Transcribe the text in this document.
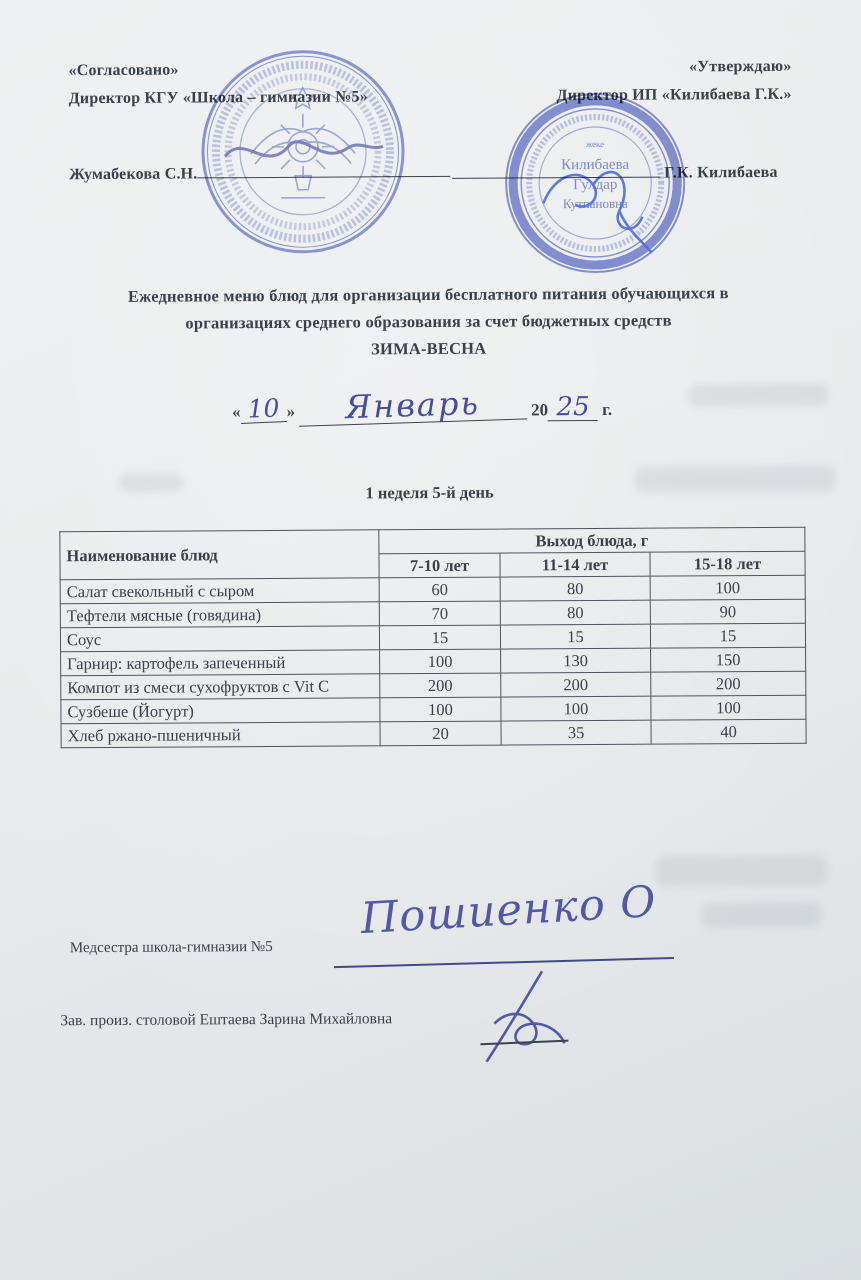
«Согласовано»
Директор КГУ «Школа – гимназии №5»
Жумабекова С.Н.
«Утверждаю»
Директор ИП «Килибаева Г.К.»
Г.К. Килибаева
жеке
Килибаева
Гулдар
Кутпановна
Ежедневное меню блюд для организации бесплатного питания обучающихся в
организациях среднего образования за счет бюджетных средств
ЗИМА-ВЕСНА
« 10 » Январь	20 25 г.
1 неделя 5-й день
Наименование блюд	Выход блюда, г		
	7-10 лет	11-14 лет	15-18 лет
Салат свекольный с сыром	60	80	100
Тефтели мясные (говядина)	70	80	90
Соус	15	15	15
Гарнир: картофель запеченный	100	130	150
Компот из смеси сухофруктов с Vit C	200	200	200
Сузбеше (Йогурт)	100	100	100
Хлеб ржано-пшеничный	20	35	40
Медсестра школа-гимназии №5
Пошиенко О
Зав. произ. столовой Ештаева Зарина Михайловна
